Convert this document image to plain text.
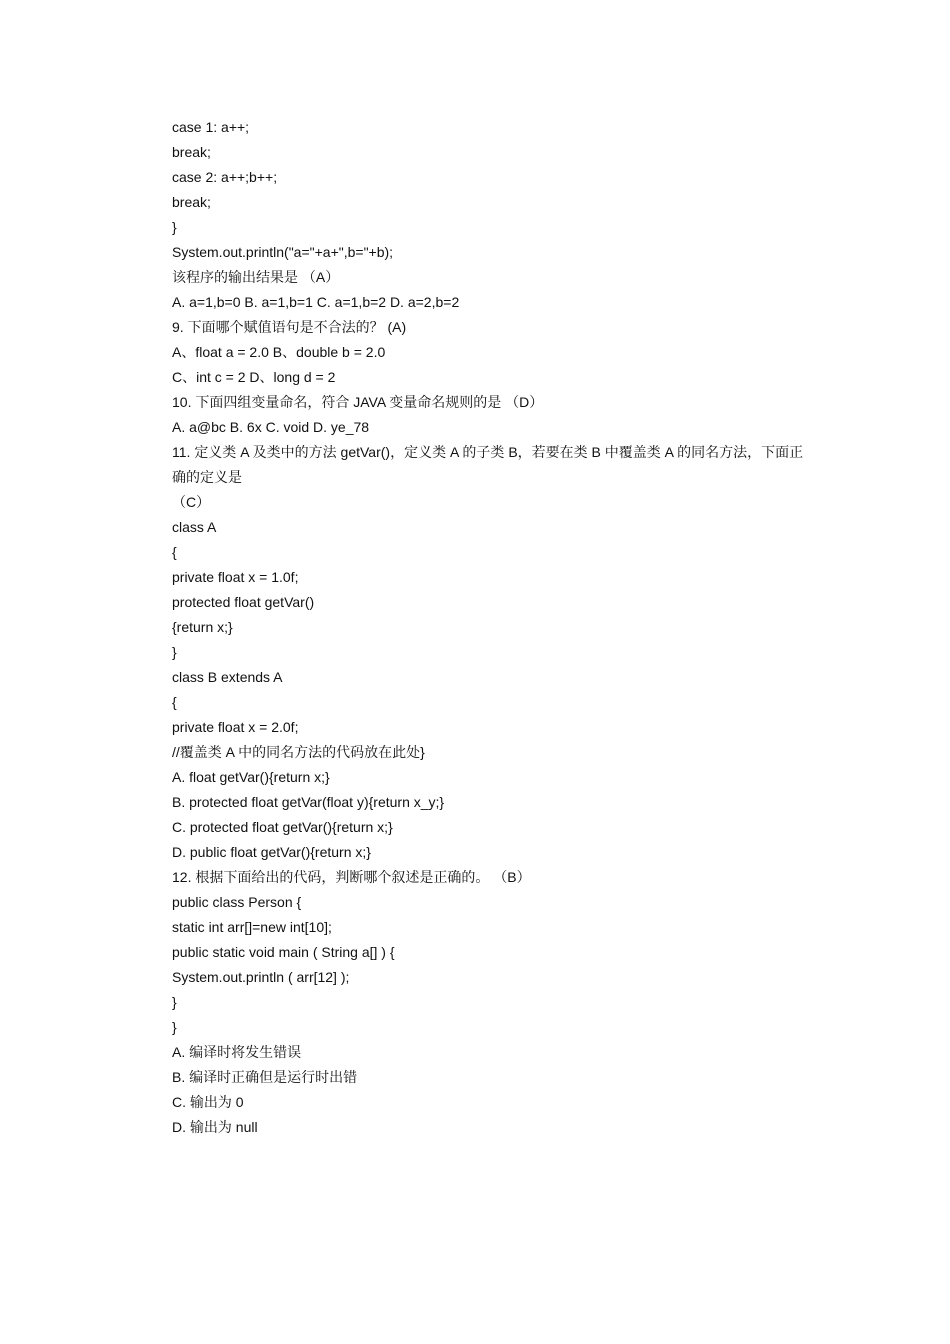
case 1: a++;
break;
case 2: a++;b++;
break;
}
System.out.println("a="+a+",b="+b);
该程序的输出结果是 （A）
A. a=1,b=0 B. a=1,b=1 C. a=1,b=2 D. a=2,b=2
9. 下面哪个赋值语句是不合法的？ (A)
A、float a = 2.0 B、double b = 2.0
C、int c = 2 D、long d = 2
10. 下面四组变量命名，符合 JAVA 变量命名规则的是 （D）
A. a@bc B. 6x C. void D. ye_78
11. 定义类 A 及类中的方法 getVar()，定义类 A 的子类 B，若要在类 B 中覆盖类 A 的同名方法，下面正确的定义是
（C）
class A
{
private float x = 1.0f;
protected float getVar()
{return x;}
}
class B extends A
{
private float x = 2.0f;
//覆盖类 A 中的同名方法的代码放在此处}
A. float getVar(){return x;}
B. protected float getVar(float y){return x_y;}
C. protected float getVar(){return x;}
D. public float getVar(){return x;}
12. 根据下面给出的代码，判断哪个叙述是正确的。 （B）
public class Person {
static int arr[]=new int[10];
public static void main ( String a[] ) {
System.out.println ( arr[12] );
}
}
A. 编译时将发生错误
B. 编译时正确但是运行时出错
C. 输出为 0
D. 输出为 null
